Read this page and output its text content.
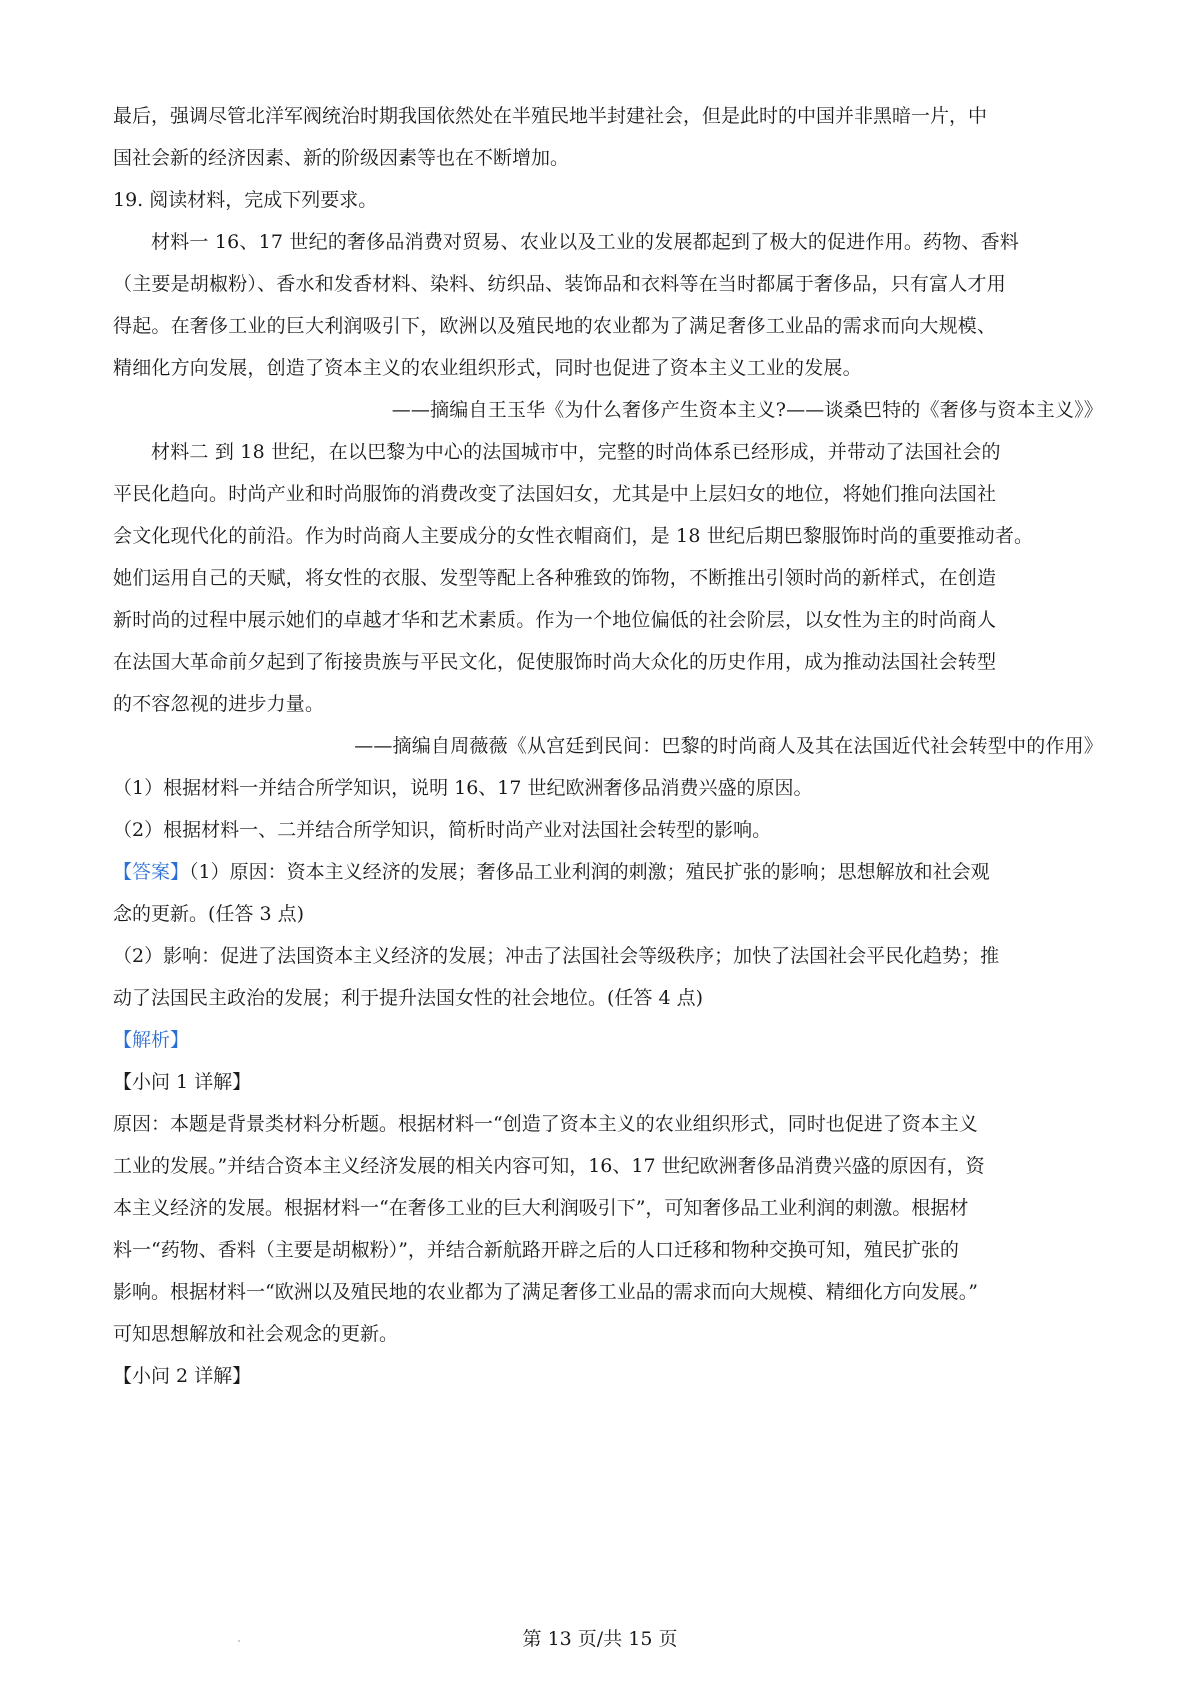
最后，强调尽管北洋军阀统治时期我国依然处在半殖民地半封建社会，但是此时的中国并非黑暗一片，中
国社会新的经济因素、新的阶级因素等也在不断增加。
19. 阅读材料，完成下列要求。
材料一 16、17 世纪的奢侈品消费对贸易、农业以及工业的发展都起到了极大的促进作用。药物、香料
（主要是胡椒粉）、香水和发香材料、染料、纺织品、装饰品和衣料等在当时都属于奢侈品，只有富人才用
得起。在奢侈工业的巨大利润吸引下，欧洲以及殖民地的农业都为了满足奢侈工业品的需求而向大规模、
精细化方向发展，创造了资本主义的农业组织形式，同时也促进了资本主义工业的发展。
——摘编自王玉华《为什么奢侈产生资本主义?——谈桑巴特的《奢侈与资本主义》》
材料二 到 18 世纪，在以巴黎为中心的法国城市中，完整的时尚体系已经形成，并带动了法国社会的
平民化趋向。时尚产业和时尚服饰的消费改变了法国妇女，尤其是中上层妇女的地位，将她们推向法国社
会文化现代化的前沿。作为时尚商人主要成分的女性衣帽商们，是 18 世纪后期巴黎服饰时尚的重要推动者。
她们运用自己的天赋，将女性的衣服、发型等配上各种雅致的饰物，不断推出引领时尚的新样式，在创造
新时尚的过程中展示她们的卓越才华和艺术素质。作为一个地位偏低的社会阶层，以女性为主的时尚商人
在法国大革命前夕起到了衔接贵族与平民文化，促使服饰时尚大众化的历史作用，成为推动法国社会转型
的不容忽视的进步力量。
——摘编自周薇薇《从宫廷到民间：巴黎的时尚商人及其在法国近代社会转型中的作用》
（1）根据材料一并结合所学知识，说明 16、17 世纪欧洲奢侈品消费兴盛的原因。
（2）根据材料一、二并结合所学知识，简析时尚产业对法国社会转型的影响。
【答案】（1）原因：资本主义经济的发展；奢侈品工业利润的刺激；殖民扩张的影响；思想解放和社会观
念的更新。(任答 3 点)
（2）影响：促进了法国资本主义经济的发展；冲击了法国社会等级秩序；加快了法国社会平民化趋势；推
动了法国民主政治的发展；利于提升法国女性的社会地位。(任答 4 点)
【解析】
【小问 1 详解】
原因：本题是背景类材料分析题。根据材料一“创造了资本主义的农业组织形式，同时也促进了资本主义
工业的发展。”并结合资本主义经济发展的相关内容可知，16、17 世纪欧洲奢侈品消费兴盛的原因有，资
本主义经济的发展。根据材料一“在奢侈工业的巨大利润吸引下”，可知奢侈品工业利润的刺激。根据材
料一“药物、香料（主要是胡椒粉）”，并结合新航路开辟之后的人口迁移和物种交换可知，殖民扩张的
影响。根据材料一“欧洲以及殖民地的农业都为了满足奢侈工业品的需求而向大规模、精细化方向发展。”
可知思想解放和社会观念的更新。
【小问 2 详解】
第 13 页/共 15 页
